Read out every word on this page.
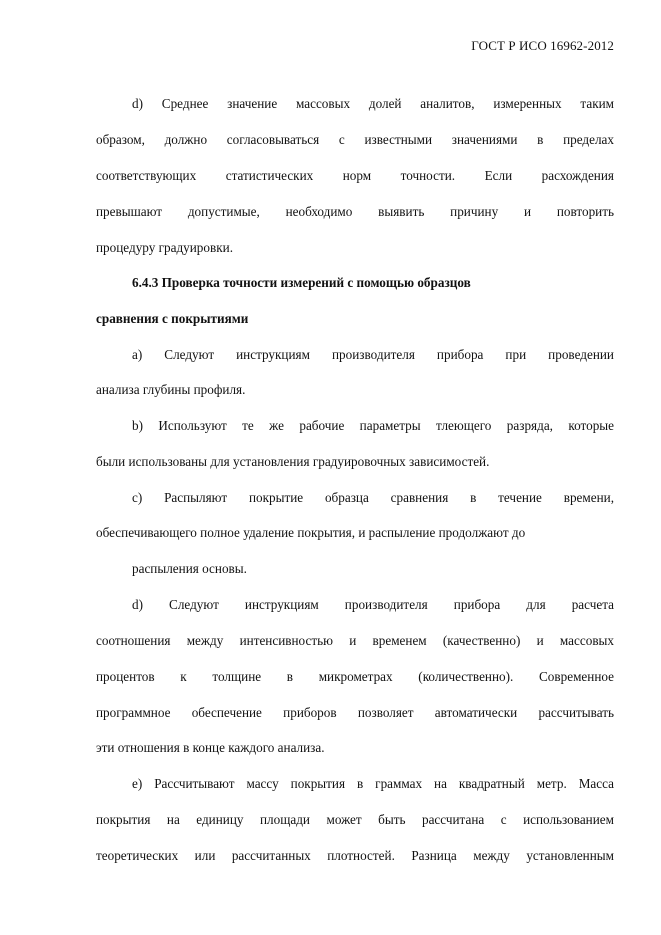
ГОСТ Р ИСО 16962-2012
d) Среднее значение массовых долей аналитов, измеренных таким
образом, должно согласовываться с известными значениями в пределах
соответствующих статистических норм точности. Если расхождения
превышают допустимые, необходимо выявить причину и повторить
процедуру градуировки.
6.4.3 Проверка точности измерений с помощью образцов
сравнения с покрытиями
а) Следуют инструкциям производителя прибора при проведении
анализа глубины профиля.
b) Используют те же рабочие параметры тлеющего разряда, которые
были использованы для установления градуировочных зависимостей.
с) Распыляют покрытие образца сравнения в течение времени,
обеспечивающего полное удаление покрытия, и распыление продолжают до
распыления основы.
d) Следуют инструкциям производителя прибора для расчета
соотношения между интенсивностью и временем (качественно) и массовых
процентов к толщине в микрометрах (количественно). Современное
программное обеспечение приборов позволяет автоматически рассчитывать
эти отношения в конце каждого анализа.
е) Рассчитывают массу покрытия в граммах на квадратный метр. Масса
покрытия на единицу площади может быть рассчитана с использованием
теоретических или рассчитанных плотностей. Разница между установленным
